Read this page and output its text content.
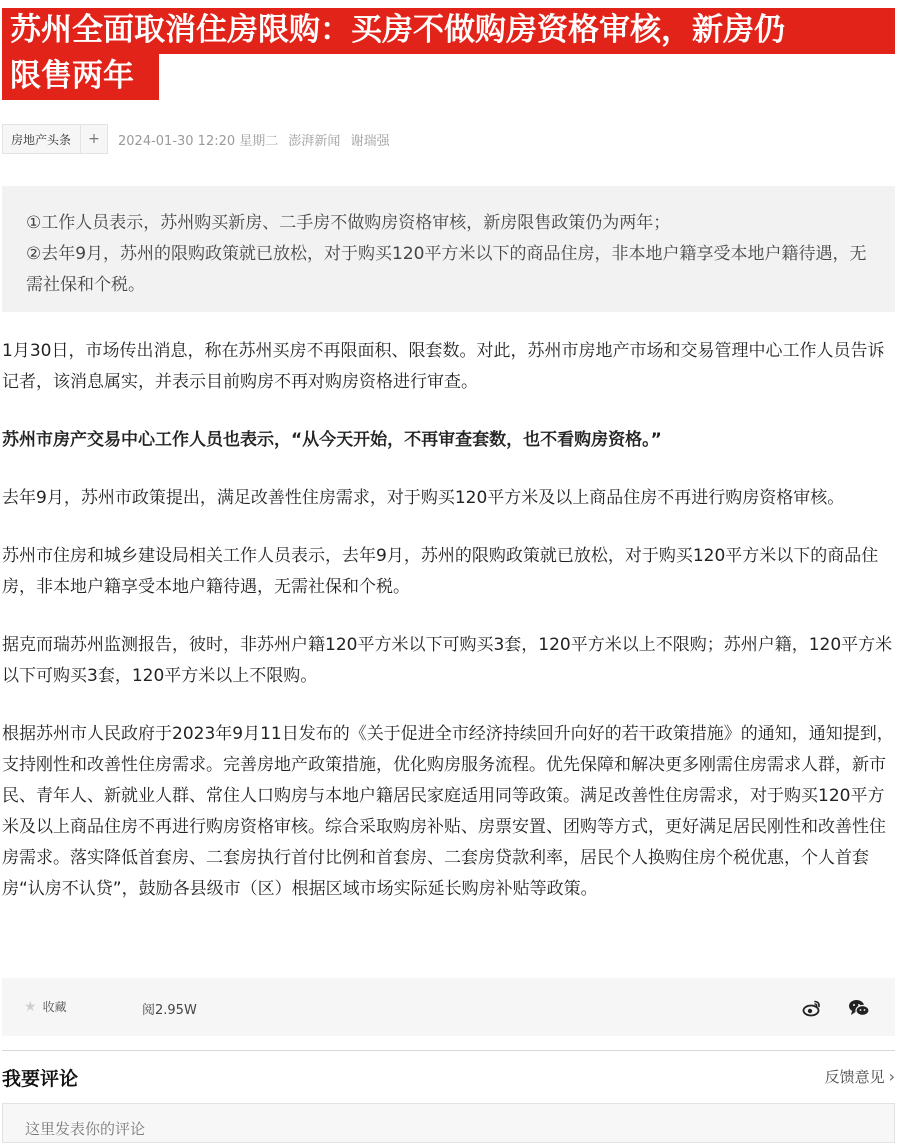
苏州全面取消住房限购：买房不做购房资格审核，新房仍
限售两年
房地产头条	+	2024-01-30 12:20 星期二 澎湃新闻 谢瑞强

①工作人员表示，苏州购买新房、二手房不做购房资格审核，新房限售政策仍为两年；

②去年9月，苏州的限购政策就已放松，对于购买120平方米以下的商品住房，非本地户籍享受本地户籍待遇，无需社保和个税。

1月30日，市场传出消息，称在苏州买房不再限面积、限套数。对此，苏州市房地产市场和交易管理中心工作人员告诉记者，该消息属实，并表示目前购房不再对购房资格进行审查。

苏州市房产交易中心工作人员也表示，“从今天开始，不再审查套数，也不看购房资格。”

去年9月，苏州市政策提出，满足改善性住房需求，对于购买120平方米及以上商品住房不再进行购房资格审核。

苏州市住房和城乡建设局相关工作人员表示，去年9月，苏州的限购政策就已放松，对于购买120平方米以下的商品住房，非本地户籍享受本地户籍待遇，无需社保和个税。

据克而瑞苏州监测报告，彼时，非苏州户籍120平方米以下可购买3套，120平方米以上不限购；苏州户籍，120平方米以下可购买3套，120平方米以上不限购。

根据苏州市人民政府于2023年9月11日发布的《关于促进全市经济持续回升向好的若干政策措施》的通知，通知提到，支持刚性和改善性住房需求。完善房地产政策措施，优化购房服务流程。优先保障和解决更多刚需住房需求人群，新市民、青年人、新就业人群、常住人口购房与本地户籍居民家庭适用同等政策。满足改善性住房需求，对于购买120平方米及以上商品住房不再进行购房资格审核。综合采取购房补贴、房票安置、团购等方式，更好满足居民刚性和改善性住房需求。落实降低首套房、二套房执行首付比例和首套房、二套房贷款利率，居民个人换购住房个税优惠，个人首套房“认房不认贷”，鼓励各县级市（区）根据区域市场实际延长购房补贴等政策。

★ 收藏	阅2.95W
我要评论	反馈意见 ›
这里发表你的评论
